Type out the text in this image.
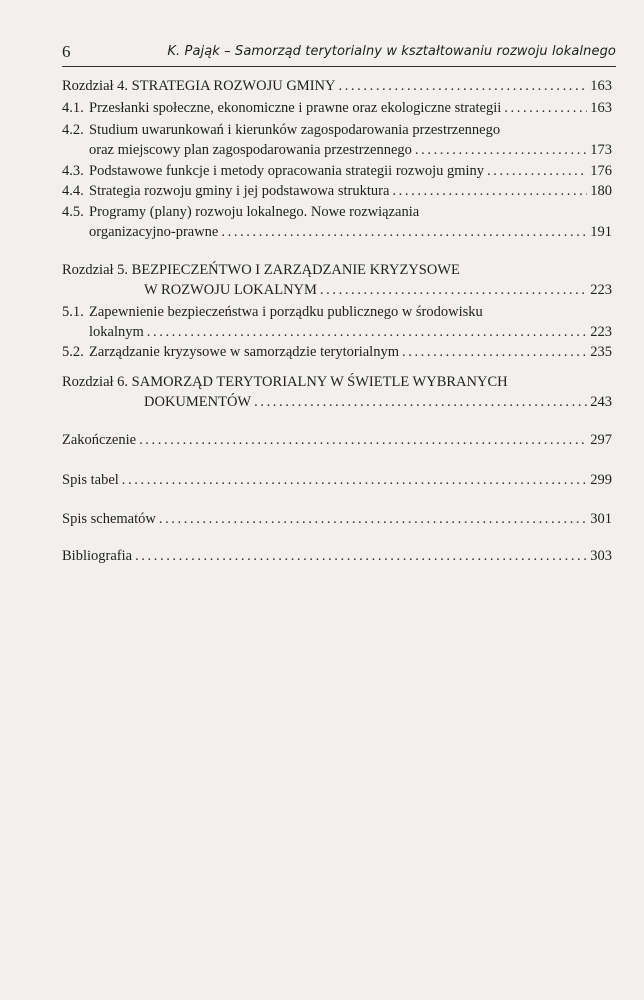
6	K. Pająk – Samorząd terytorialny w kształtowaniu rozwoju lokalnego
Rozdział 4. STRATEGIA ROZWOJU GMINY .....	163
4.1. Przesłanki społeczne, ekonomiczne i prawne oraz ekologiczne strategii .....	163
4.2. Studium uwarunkowań i kierunków zagospodarowania przestrzennego
oraz miejscowy plan zagospodarowania przestrzennego .....	173
4.3. Podstawowe funkcje i metody opracowania strategii rozwoju gminy .....	176
4.4. Strategia rozwoju gminy i jej podstawowa struktura .....	180
4.5. Programy (plany) rozwoju lokalnego. Nowe rozwiązania
organizacyjno-prawne .....	191
Rozdział 5. BEZPIECZEŃTWO I ZARZĄDZANIE KRYZYSOWE
W ROZWOJU LOKALNYM .....	223
5.1. Zapewnienie bezpieczeństwa i porządku publicznego w środowisku
lokalnym .....	223
5.2. Zarządzanie kryzysowe w samorządzie terytorialnym .....	235
Rozdział 6. SAMORZĄD TERYTORIALNY W ŚWIETLE WYBRANYCH
DOKUMENTÓW .....	243
Zakończenie .....	297
Spis tabel .....	299
Spis schematów .....	301
Bibliografia .....	303
